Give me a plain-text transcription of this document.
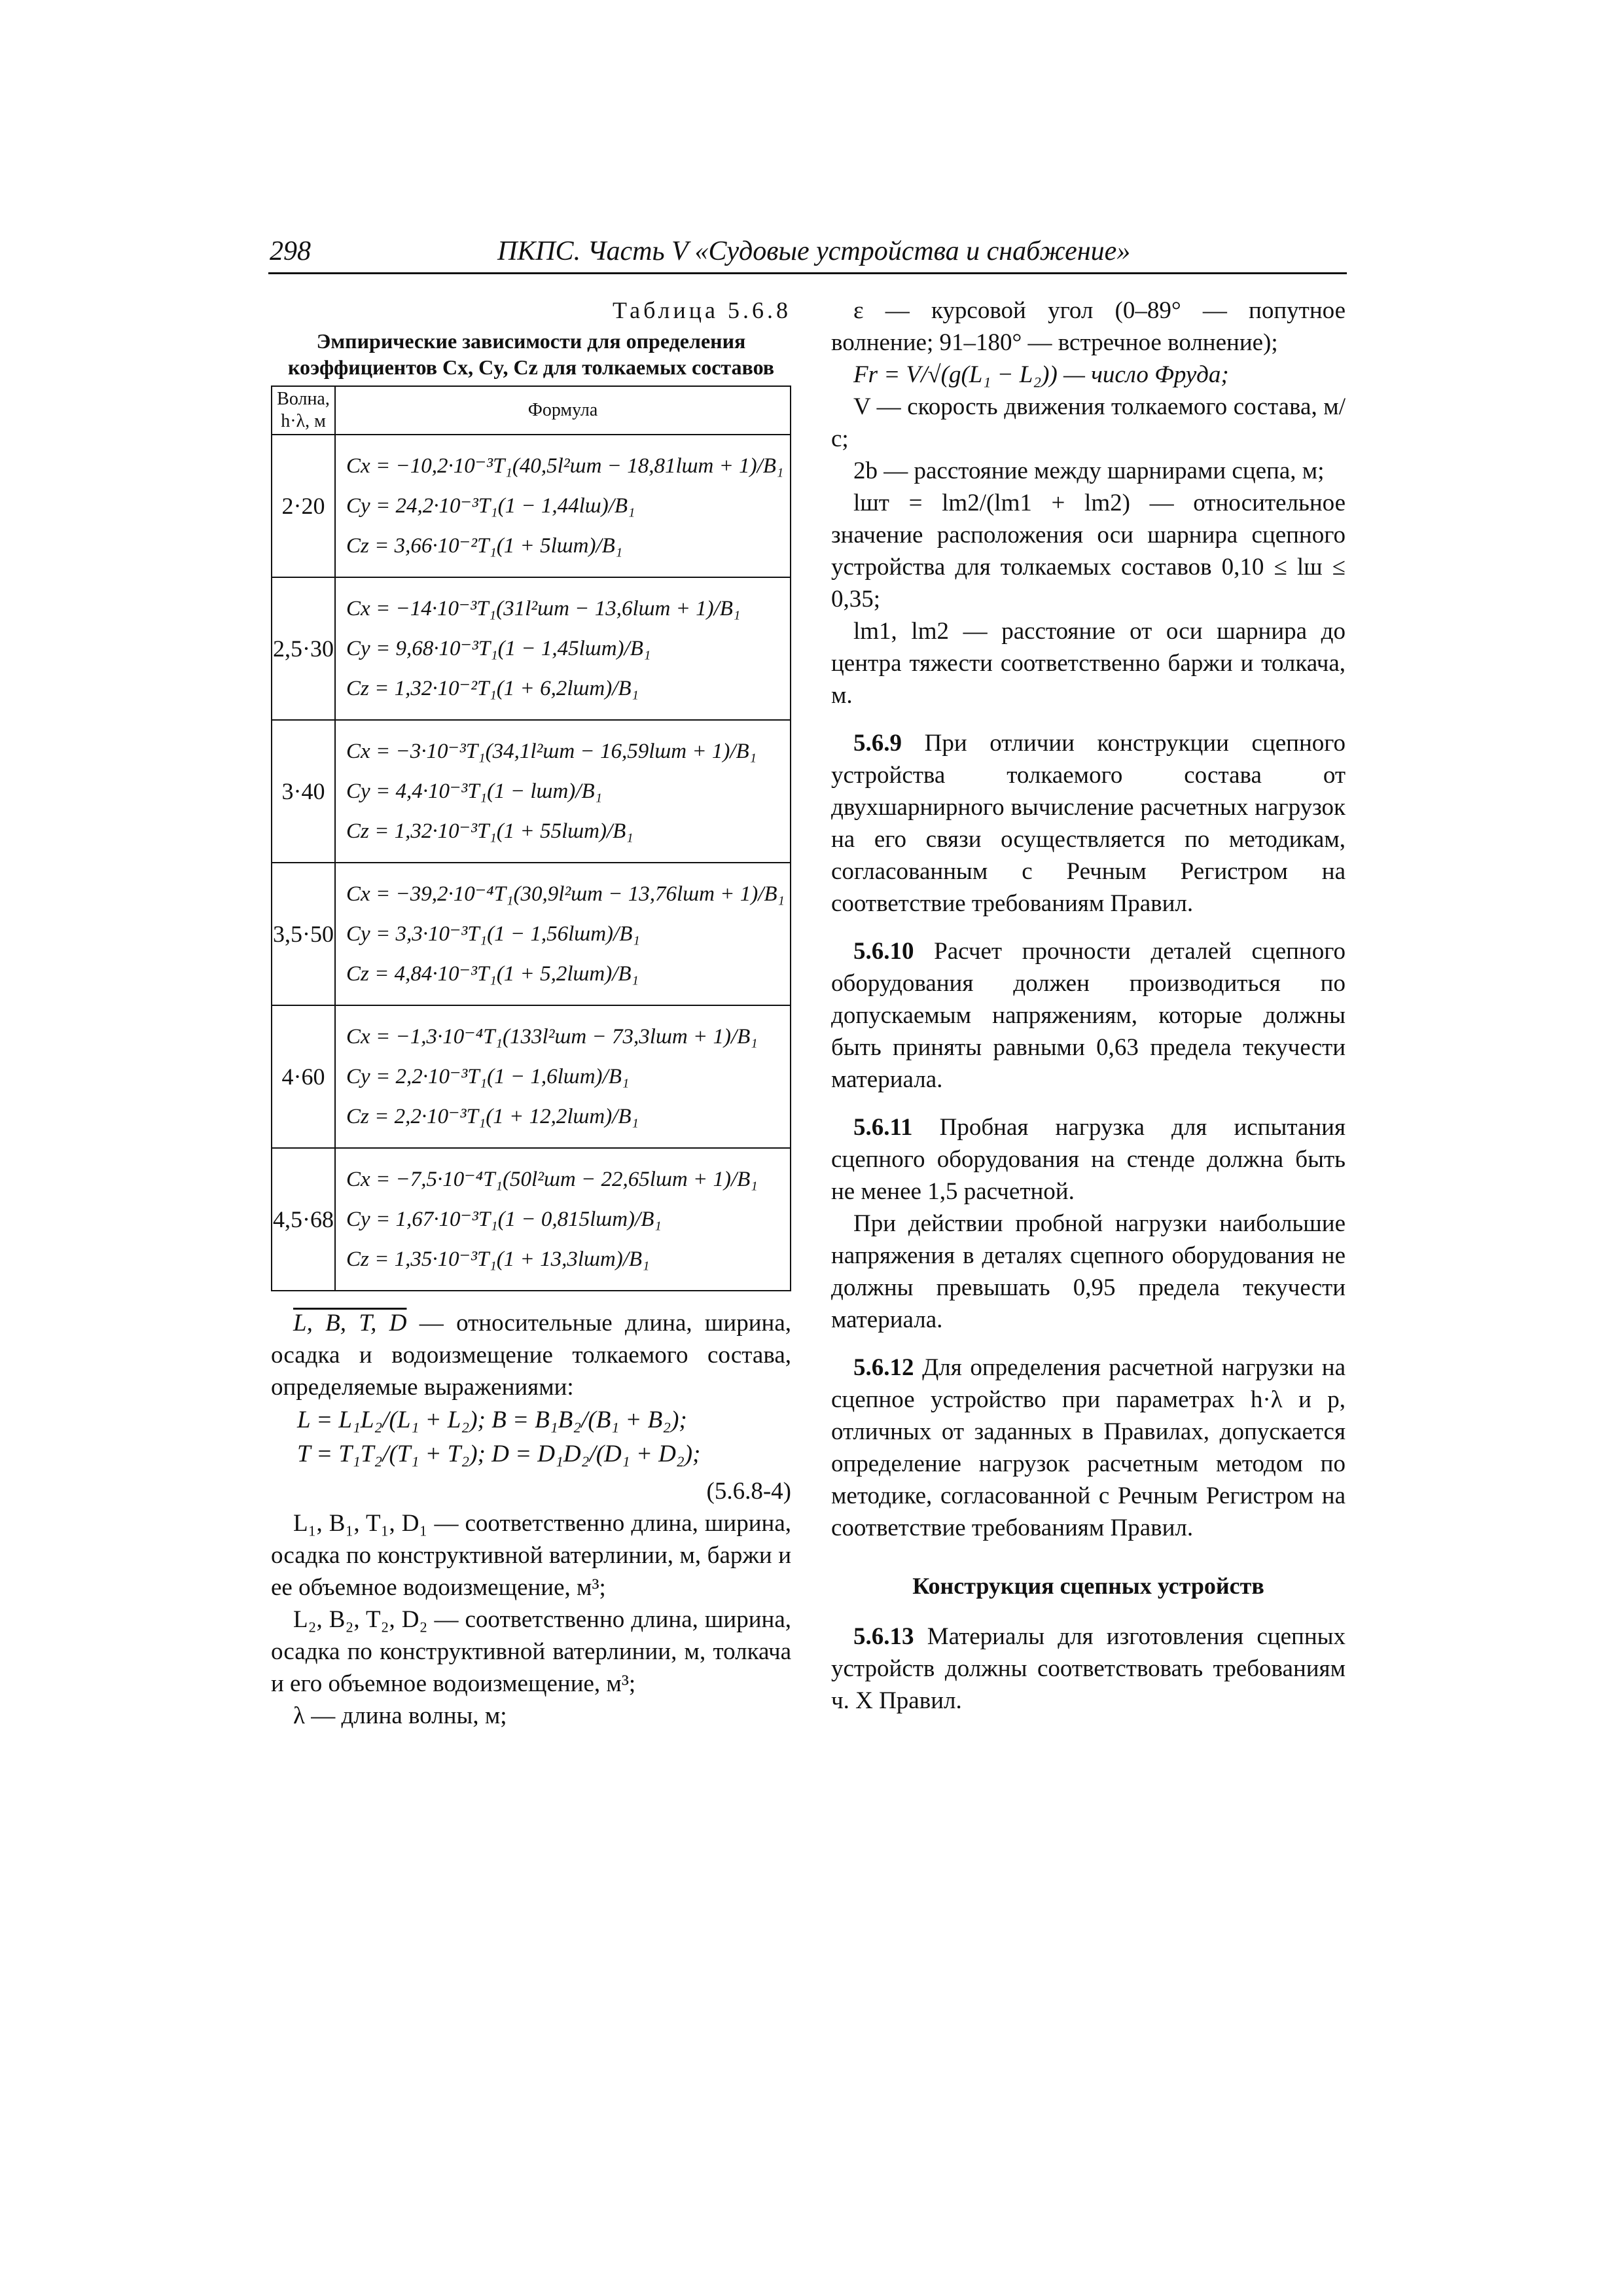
298	ПКПС. Часть V «Судовые устройства и снабжение»
Таблица 5.6.8
Эмпирические зависимости для определения коэффициентов Cx, Cy, Cz для толкаемых составов
Волна, h·λ, м	Формула
2·20	Cx = −10,2·10⁻³T₁(40,5l²шт − 18,81lшт + 1)/B₁
Cy = 24,2·10⁻³T₁(1 − 1,44lш)/B₁
Cz = 3,66·10⁻²T₁(1 + 5lшт)/B₁

2,5·30	Cx = −14·10⁻³T₁(31l²шт − 13,6lшт + 1)/B₁
Cy = 9,68·10⁻³T₁(1 − 1,45lшт)/B₁
Cz = 1,32·10⁻²T₁(1 + 6,2lшт)/B₁

3·40	Cx = −3·10⁻³T₁(34,1l²шт − 16,59lшт + 1)/B₁
Cy = 4,4·10⁻³T₁(1 − lшт)/B₁
Cz = 1,32·10⁻³T₁(1 + 55lшт)/B₁

3,5·50	Cx = −39,2·10⁻⁴T₁(30,9l²шт − 13,76lшт + 1)/B₁
Cy = 3,3·10⁻³T₁(1 − 1,56lшт)/B₁
Cz = 4,84·10⁻³T₁(1 + 5,2lшт)/B₁

4·60	Cx = −1,3·10⁻⁴T₁(133l²шт − 73,3lшт + 1)/B₁
Cy = 2,2·10⁻³T₁(1 − 1,6lшт)/B₁
Cz = 2,2·10⁻³T₁(1 + 12,2lшт)/B₁

4,5·68	Cx = −7,5·10⁻⁴T₁(50l²шт − 22,65lшт + 1)/B₁
Cy = 1,67·10⁻³T₁(1 − 0,815lшт)/B₁
Cz = 1,35·10⁻³T₁(1 + 13,3lшт)/B₁

L, B, T, D — относительные длина, ширина, осадка и водоизмещение толкаемого состава, определяемые выражениями:

L = L₁L₂/(L₁ + L₂); B = B₁B₂/(B₁ + B₂);
T = T₁T₂/(T₁ + T₂); D = D₁D₂/(D₁ + D₂);
(5.6.8-4)

L₁, B₁, T₁, D₁ — соответственно длина, ширина, осадка по конструктивной ватерлинии, м, баржи и ее объемное водоизмещение, м³;

L₂, B₂, T₂, D₂ — соответственно длина, ширина, осадка по конструктивной ватерлинии, м, толкача и его объемное водоизмещение, м³;

λ — длина волны, м;

ε — курсовой угол (0–89° — попутное волнение; 91–180° — встречное волнение);

Fr = V/√(g(L₁ − L₂)) — число Фруда;

V — скорость движения толкаемого состава, м/с;

2b — расстояние между шарнирами сцепа, м;

lшт = lm2/(lm1 + lm2) — относительное значение расположения оси шарнира сцепного устройства для толкаемых составов 0,10 ≤ lш ≤ 0,35;

lm1, lm2 — расстояние от оси шарнира до центра тяжести соответственно баржи и толкача, м.

5.6.9 При отличии конструкции сцепного устройства толкаемого состава от двухшарнирного вычисление расчетных нагрузок на его связи осуществляется по методикам, согласованным с Речным Регистром на соответствие требованиям Правил.

5.6.10 Расчет прочности деталей сцепного оборудования должен производиться по допускаемым напряжениям, которые должны быть приняты равными 0,63 предела текучести материала.

5.6.11 Пробная нагрузка для испытания сцепного оборудования на стенде должна быть не менее 1,5 расчетной.

При действии пробной нагрузки наибольшие напряжения в деталях сцепного оборудования не должны превышать 0,95 предела текучести материала.

5.6.12 Для определения расчетной нагрузки на сцепное устройство при параметрах h·λ и p, отличных от заданных в Правилах, допускается определение нагрузок расчетным методом по методике, согласованной с Речным Регистром на соответствие требованиям Правил.

Конструкция сцепных устройств

5.6.13 Материалы для изготовления сцепных устройств должны соответствовать требованиям ч. X Правил.
